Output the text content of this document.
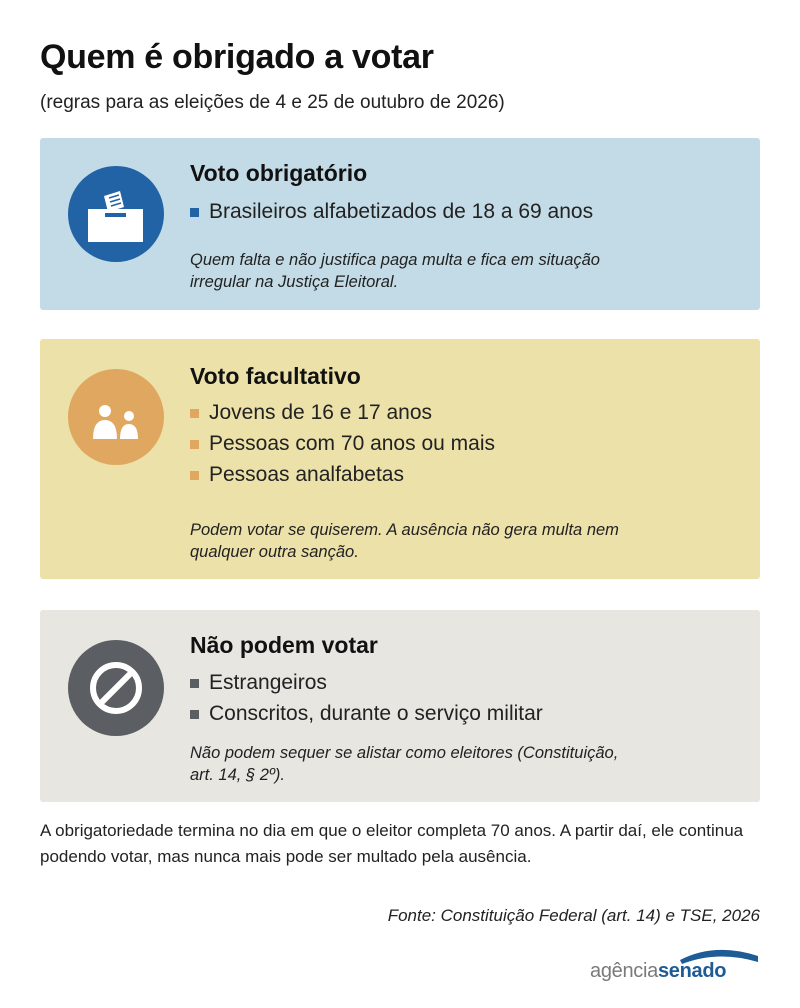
Quem é obrigado a votar
(regras para as eleições de 4 e 25 de outubro de 2026)
Voto obrigatório
Brasileiros alfabetizados de 18 a 69 anos
Quem falta e não justifica paga multa e fica em situação irregular na Justiça Eleitoral.
Voto facultativo
Jovens de 16 e 17 anos
Pessoas com 70 anos ou mais
Pessoas analfabetas
Podem votar se quiserem. A ausência não gera multa nem qualquer outra sanção.
Não podem votar
Estrangeiros
Conscritos, durante o serviço militar
Não podem sequer se alistar como eleitores (Constituição, art. 14, § 2º).
A obrigatoriedade termina no dia em que o eleitor completa 70 anos. A partir daí, ele continua podendo votar, mas nunca mais pode ser multado pela ausência.
Fonte: Constituição Federal (art. 14) e TSE, 2026
agênciasenado
